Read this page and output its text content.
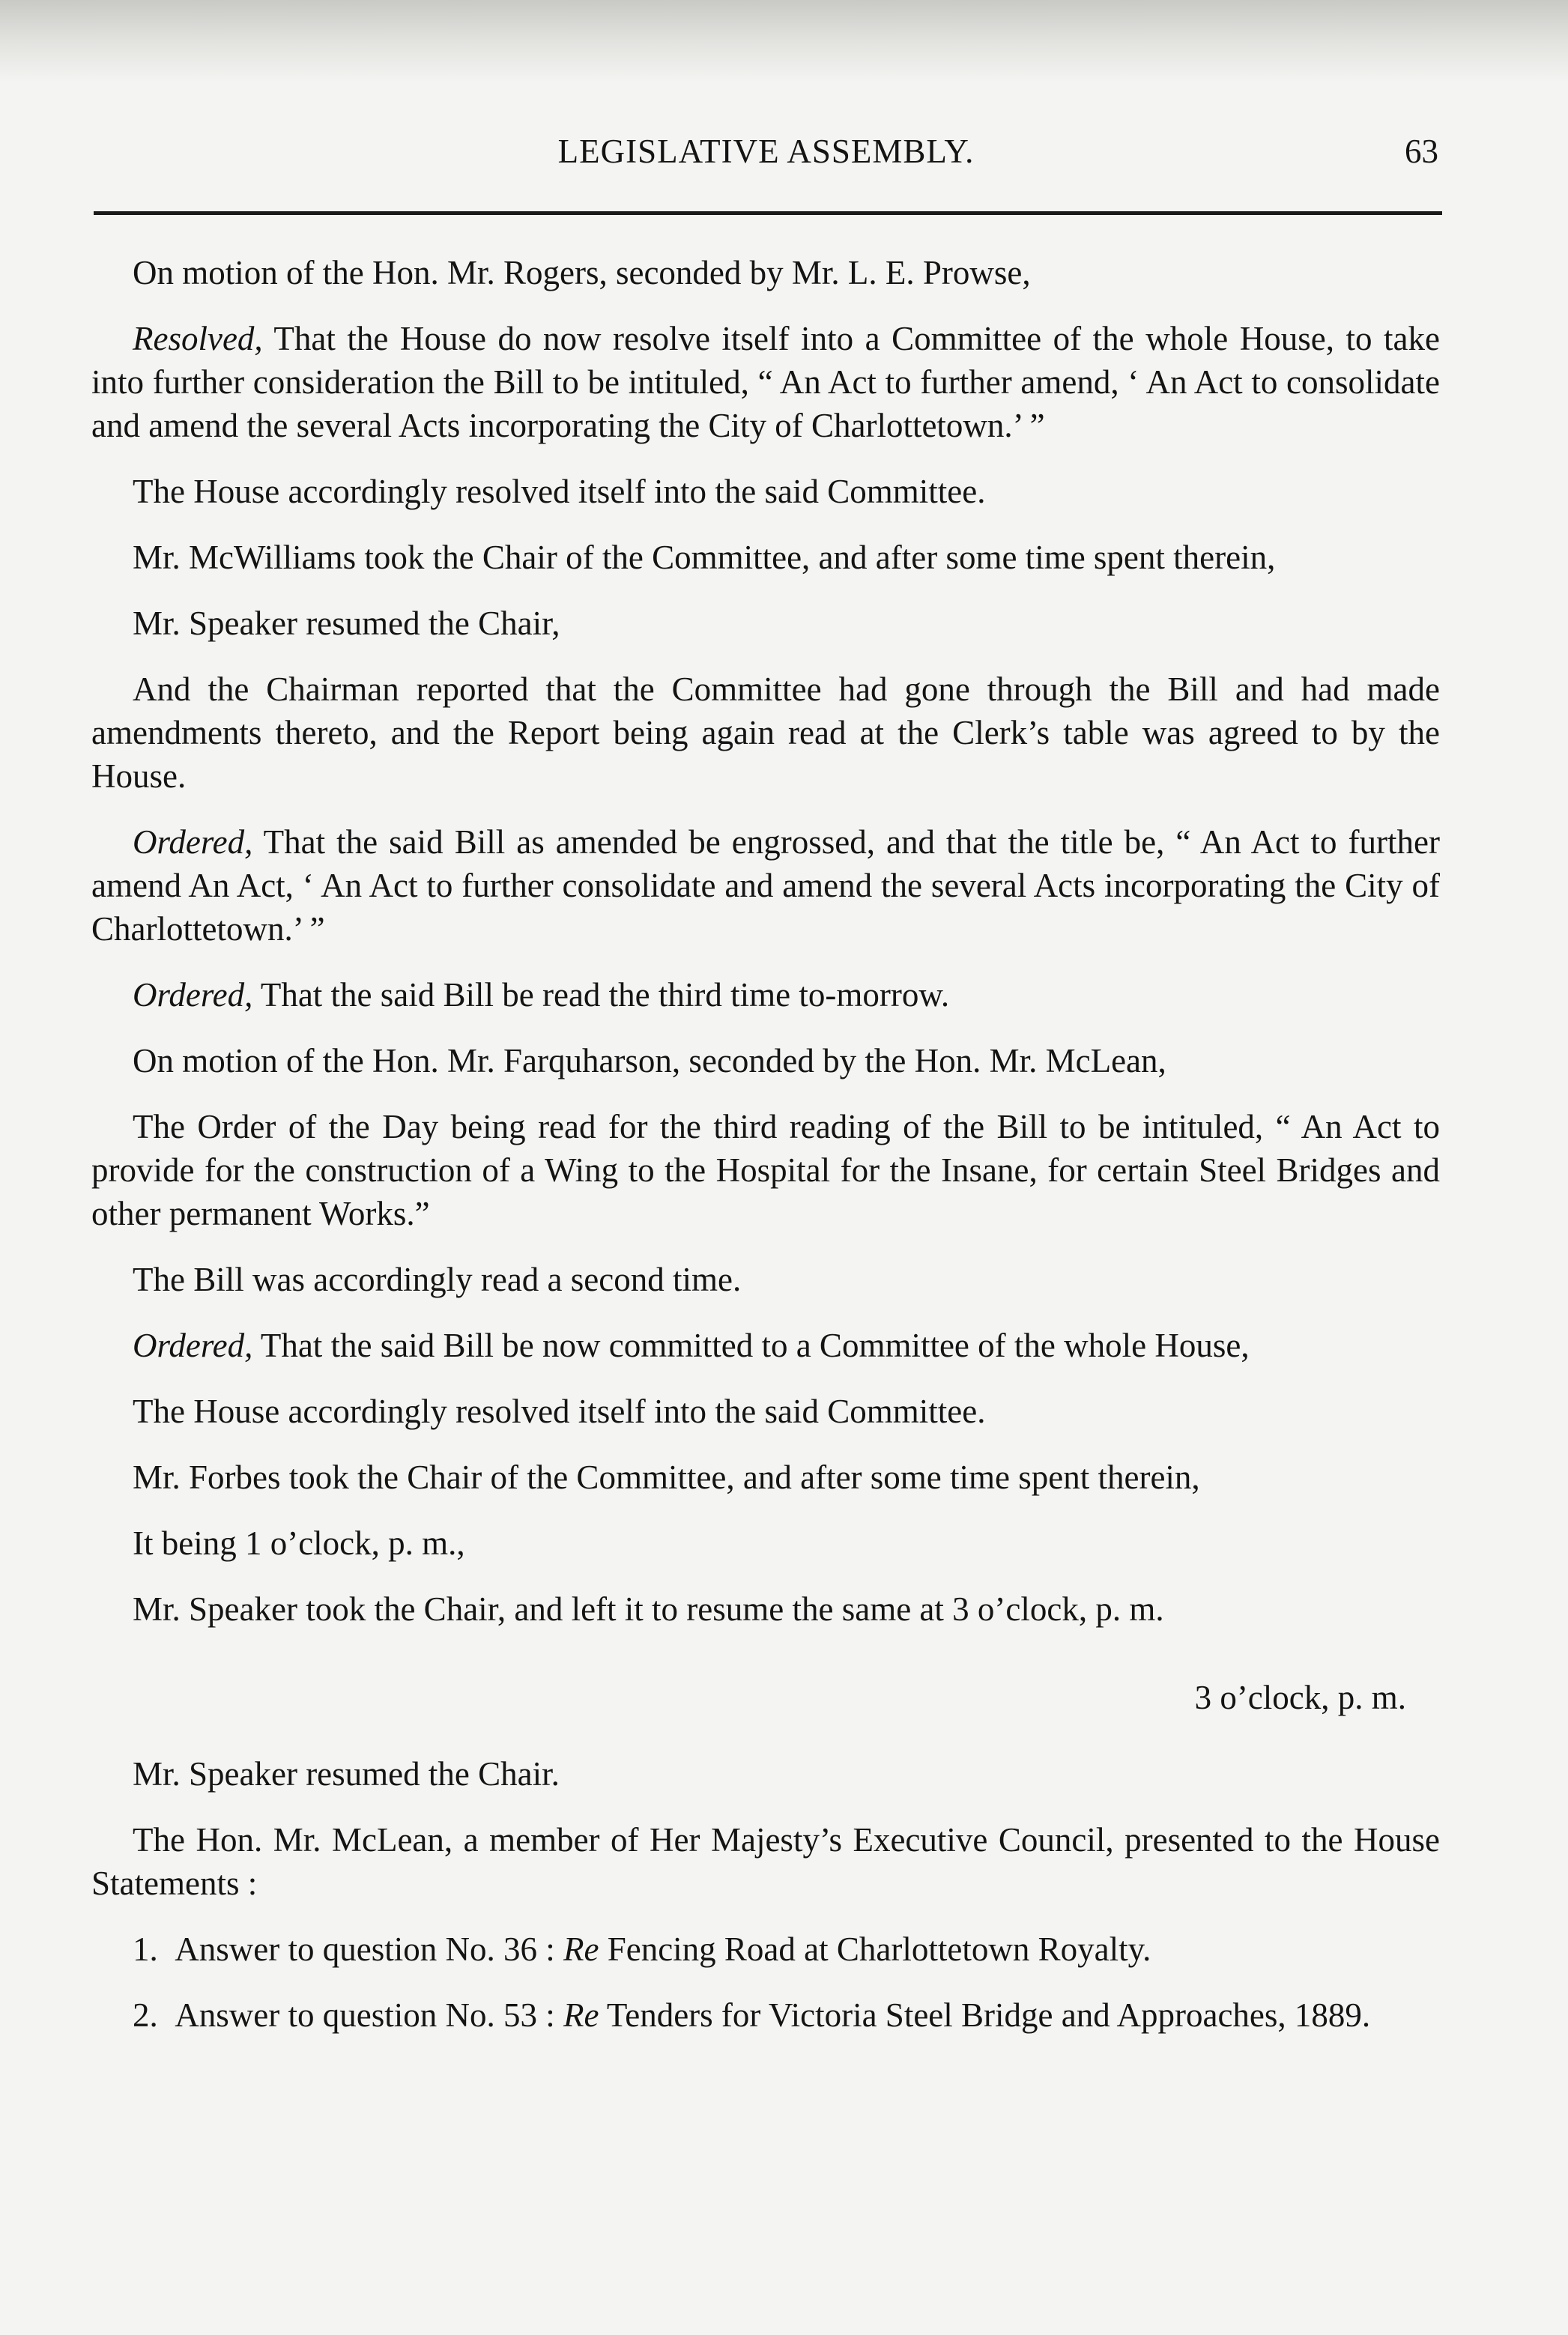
LEGISLATIVE ASSEMBLY.	63

On motion of the Hon. Mr. Rogers, seconded by Mr. L. E. Prowse,

Resolved, That the House do now resolve itself into a Committee of the whole House, to take into further consideration the Bill to be intituled, “ An Act to further amend, ‘ An Act to consolidate and amend the several Acts incorporating the City of Charlottetown.’ ”

The House accordingly resolved itself into the said Committee.

Mr. McWilliams took the Chair of the Committee, and after some time spent therein,

Mr. Speaker resumed the Chair,

And the Chairman reported that the Committee had gone through the Bill and had made amendments thereto, and the Report being again read at the Clerk’s table was agreed to by the House.

Ordered, That the said Bill as amended be engrossed, and that the title be, “ An Act to further amend An Act, ‘ An Act to further consolidate and amend the several Acts incorporating the City of Charlottetown.’ ”

Ordered, That the said Bill be read the third time to-morrow.

On motion of the Hon. Mr. Farquharson, seconded by the Hon. Mr. McLean,

The Order of the Day being read for the third reading of the Bill to be intituled, “ An Act to provide for the construction of a Wing to the Hospital for the Insane, for certain Steel Bridges and other permanent Works.”

The Bill was accordingly read a second time.

Ordered, That the said Bill be now committed to a Committee of the whole House,

The House accordingly resolved itself into the said Committee.

Mr. Forbes took the Chair of the Committee, and after some time spent therein,

It being 1 o’clock, p. m.,

Mr. Speaker took the Chair, and left it to resume the same at 3 o’clock, p. m.

3 o’clock, p. m.

Mr. Speaker resumed the Chair.

The Hon. Mr. McLean, a member of Her Majesty’s Executive Council, presented to the House Statements :

1. Answer to question No. 36 : Re Fencing Road at Charlottetown Royalty.

2. Answer to question No. 53 : Re Tenders for Victoria Steel Bridge and Approaches, 1889.
